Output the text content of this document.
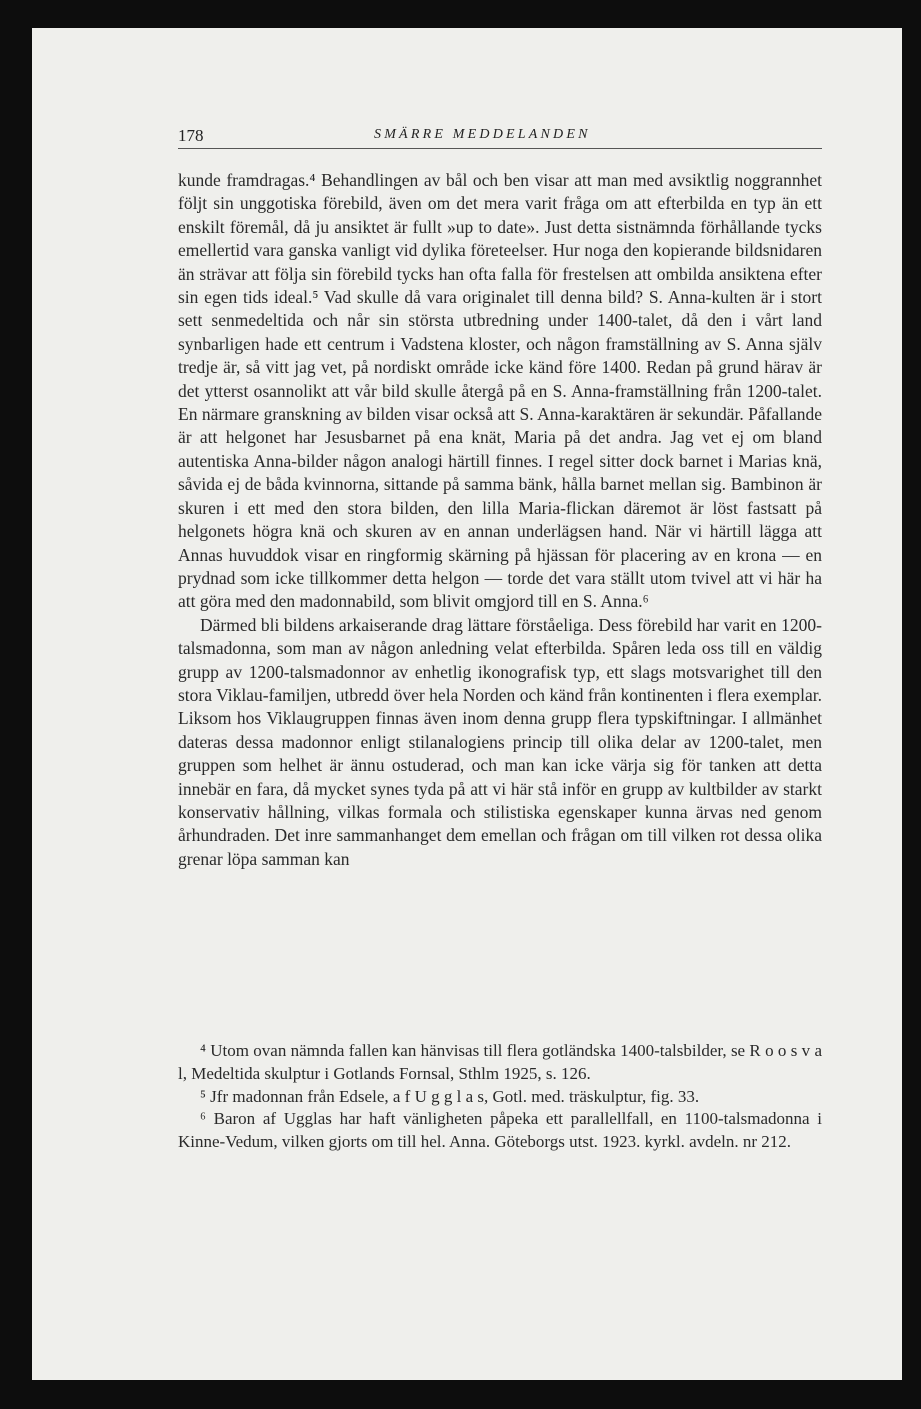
178	SMÄRRE MEDDELANDEN

kunde framdragas.⁴ Behandlingen av bål och ben visar att man med avsiktlig noggrannhet följt sin unggotiska förebild, även om det mera varit fråga om att efterbilda en typ än ett enskilt föremål, då ju ansiktet är fullt »up to date». Just detta sistnämnda förhållande tycks emellertid vara ganska vanligt vid dylika företeelser. Hur noga den kopierande bildsnidaren än strävar att följa sin förebild tycks han ofta falla för frestelsen att ombilda ansiktena efter sin egen tids ideal.⁵ Vad skulle då vara originalet till denna bild? S. Anna-kulten är i stort sett senmedeltida och når sin största utbredning under 1400-talet, då den i vårt land synbarligen hade ett centrum i Vadstena kloster, och någon framställning av S. Anna själv tredje är, så vitt jag vet, på nordiskt område icke känd före 1400. Redan på grund härav är det ytterst osannolikt att vår bild skulle återgå på en S. Anna-framställning från 1200-talet. En närmare granskning av bilden visar också att S. Anna-karaktären är sekundär. Påfallande är att helgonet har Jesusbarnet på ena knät, Maria på det andra. Jag vet ej om bland autentiska Anna-bilder någon analogi härtill finnes. I regel sitter dock barnet i Marias knä, såvida ej de båda kvinnorna, sittande på samma bänk, hålla barnet mellan sig. Bambinon är skuren i ett med den stora bilden, den lilla Maria-flickan däremot är löst fastsatt på helgonets högra knä och skuren av en annan underlägsen hand. När vi härtill lägga att Annas huvuddok visar en ringformig skärning på hjässan för placering av en krona — en prydnad som icke tillkommer detta helgon — torde det vara ställt utom tvivel att vi här ha att göra med den madonnabild, som blivit omgjord till en S. Anna.⁶

Därmed bli bildens arkaiserande drag lättare förståeliga. Dess förebild har varit en 1200-talsmadonna, som man av någon anledning velat efterbilda. Spåren leda oss till en väldig grupp av 1200-talsmadonnor av enhetlig ikonografisk typ, ett slags motsvarighet till den stora Viklau-familjen, utbredd över hela Norden och känd från kontinenten i flera exemplar. Liksom hos Viklaugruppen finnas även inom denna grupp flera typskiftningar. I allmänhet dateras dessa madonnor enligt stilanalogiens princip till olika delar av 1200-talet, men gruppen som helhet är ännu ostuderad, och man kan icke värja sig för tanken att detta innebär en fara, då mycket synes tyda på att vi här stå inför en grupp av kultbilder av starkt konservativ hållning, vilkas formala och stilistiska egenskaper kunna ärvas ned genom århundraden. Det inre sammanhanget dem emellan och frågan om till vilken rot dessa olika grenar löpa samman kan

⁴ Utom ovan nämnda fallen kan hänvisas till flera gotländska 1400-talsbilder, se R o o s v a l, Medeltida skulptur i Gotlands Fornsal, Sthlm 1925, s. 126.

⁵ Jfr madonnan från Edsele, a f U g g l a s, Gotl. med. träskulptur, fig. 33.

⁶ Baron af Ugglas har haft vänligheten påpeka ett parallellfall, en 1100-talsmadonna i Kinne-Vedum, vilken gjorts om till hel. Anna. Göteborgs utst. 1923. kyrkl. avdeln. nr 212.
